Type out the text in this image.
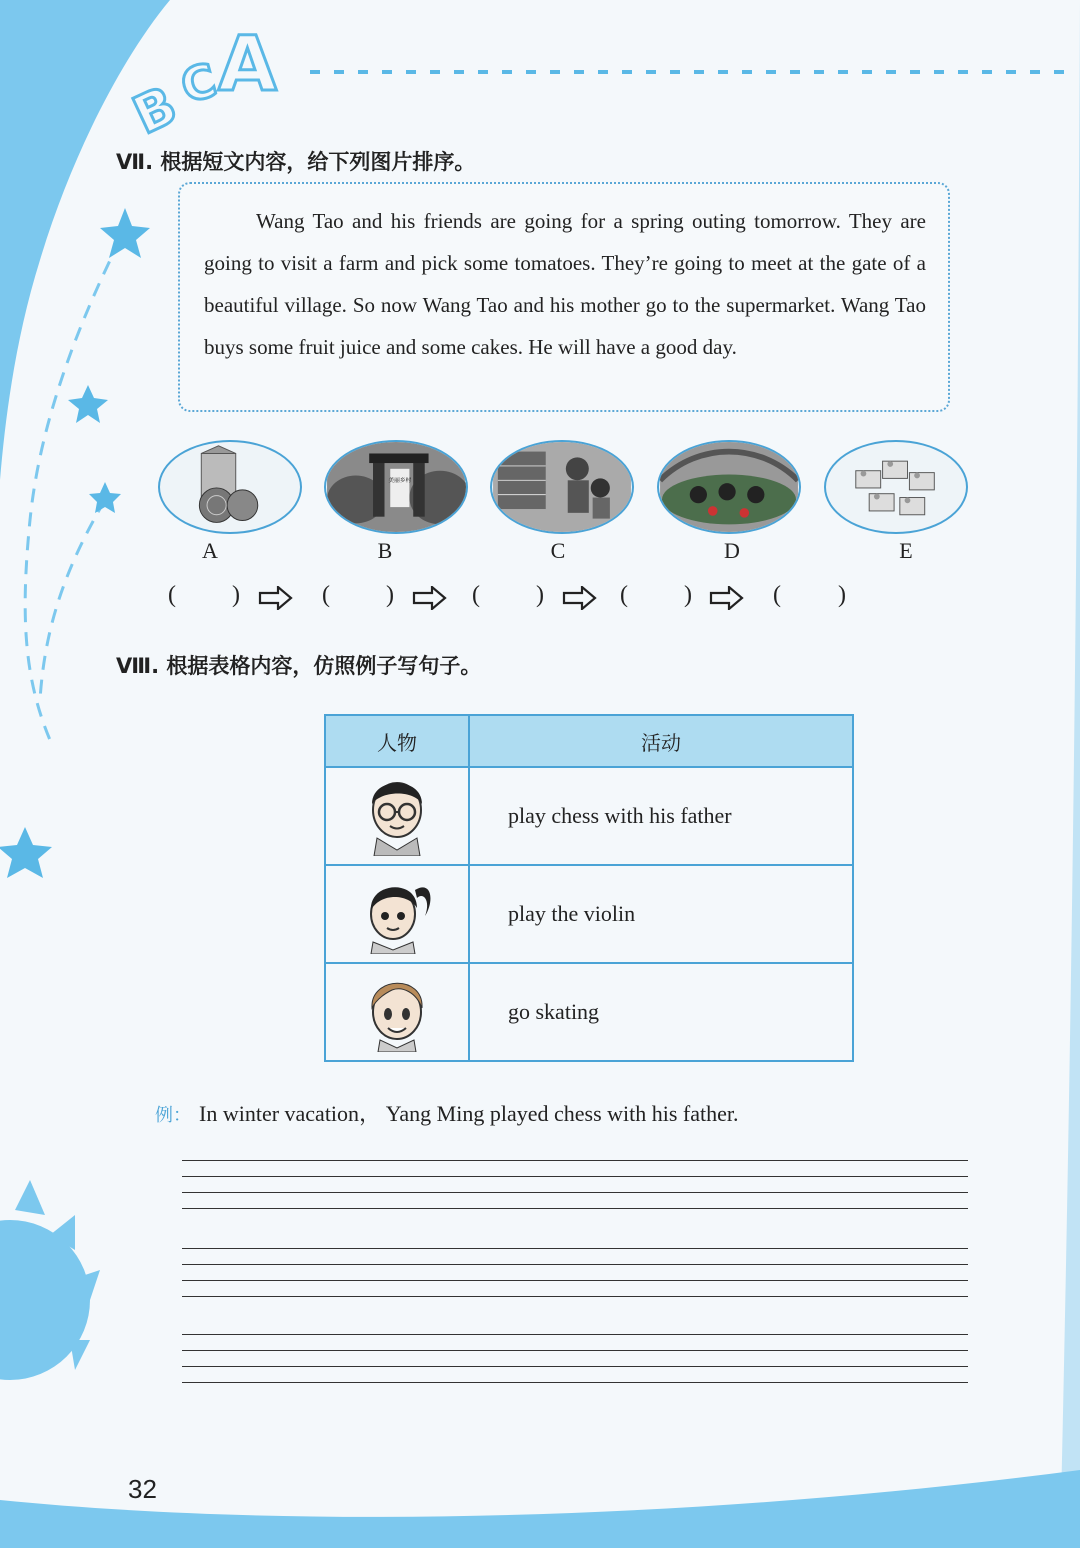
B
C
A
Ⅶ. 根据短文内容，给下列图片排序。

Wang Tao and his friends are going for a spring outing tomorrow. They are going to visit a farm and pick some tomatoes. They’re going to meet at the gate of a beautiful village. So now Wang Tao and his mother go to the supermarket. Wang Tao buys some fruit juice and some cakes. He will have a good day.

美丽乡村
A	B	C	D	E
( )	( )	( )	( )	( )
Ⅷ. 根据表格内容，仿照例子写句子。
人物	活动
	play chess with his father
	play the violin
	go skating
例： In winter vacation， Yang Ming played chess with his father.
32
